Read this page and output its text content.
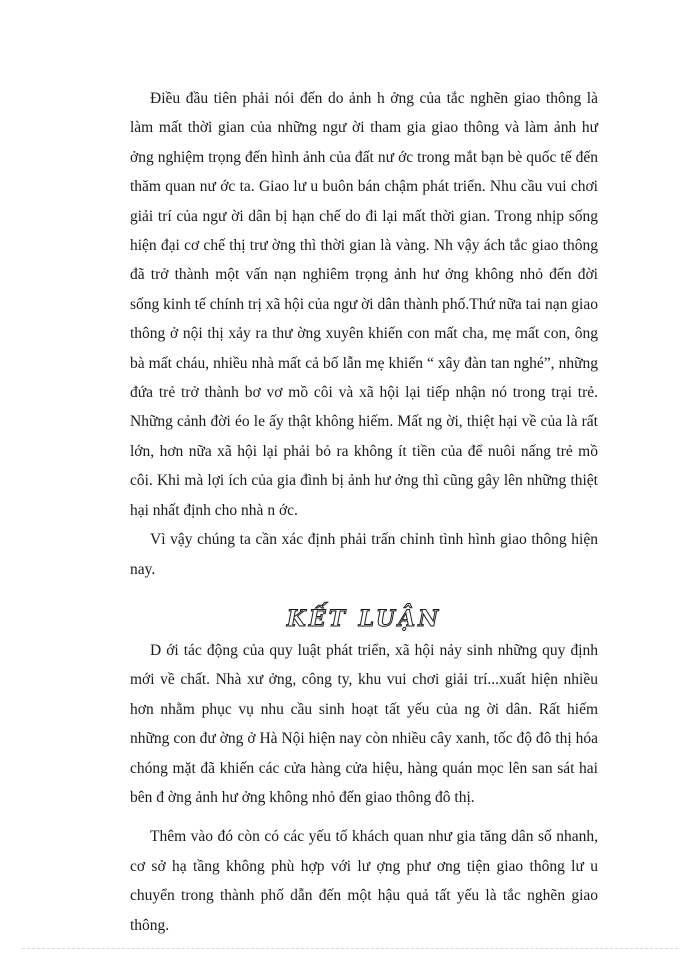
Điều đầu tiên phải nói đến do ảnh h ởng của tắc nghẽn giao thông là làm mất thời gian của những ngư ời tham gia giao thông và làm ảnh hư ởng nghiệm trọng đến hình ảnh của đất nư ớc trong mắt bạn bè quốc tế đến thăm quan nư ớc ta. Giao lư u buôn bán chậm phát triển. Nhu cầu vui chơi giải trí của ngư ời dân bị hạn chế do đi lại mất thời gian. Trong nhịp sống hiện đại cơ chế thị trư ờng thì thời gian là vàng. Nh vậy ách tắc giao thông đã trở thành một vấn nạn nghiêm trọng ảnh hư ởng không nhỏ đến đời sống kinh tế chính trị xã hội của ngư ời dân thành phố.Thứ nữa tai nạn giao thông ở nội thị xảy ra thư ờng xuyên khiến con mất cha, mẹ mất con, ông bà mất cháu, nhiều nhà mất cả bố lẫn mẹ khiến “ xây đàn tan nghé”, những đứa trẻ trở thành bơ vơ mồ côi và xã hội lại tiếp nhận nó trong trại trẻ. Những cảnh đời éo le ấy thật không hiếm. Mất ng ời, thiệt hại về của là rất lớn, hơn nữa xã hội lại phải bỏ ra không ít tiền của để nuôi nấng trẻ mồ côi. Khi mà lợi ích của gia đình bị ảnh hư ởng thì cũng gây lên những thiệt hại nhất định cho nhà n ớc.

Vì vậy chúng ta cần xác định phải trấn chỉnh tình hình giao thông hiện nay.

KẾT LUẬN

D ới tác động của quy luật phát triển, xã hội nảy sinh những quy định mới về chất. Nhà xư ởng, công ty, khu vui chơi giải trí...xuất hiện nhiều hơn nhằm phục vụ nhu cầu sinh hoạt tất yếu của ng ời dân. Rất hiếm những con đư ờng ở Hà Nội hiện nay còn nhiều cây xanh, tốc độ đô thị hóa chóng mặt đã khiến các cửa hàng cửa hiệu, hàng quán mọc lên san sát hai bên đ ờng ảnh hư ởng không nhỏ đến giao thông đô thị.

Thêm vào đó còn có các yếu tố khách quan như gia tăng dân số nhanh, cơ sở hạ tầng không phù hợp với lư ợng phư ơng tiện giao thông lư u chuyển trong thành phố dẫn đến một hậu quả tất yếu là tắc nghẽn giao thông.
